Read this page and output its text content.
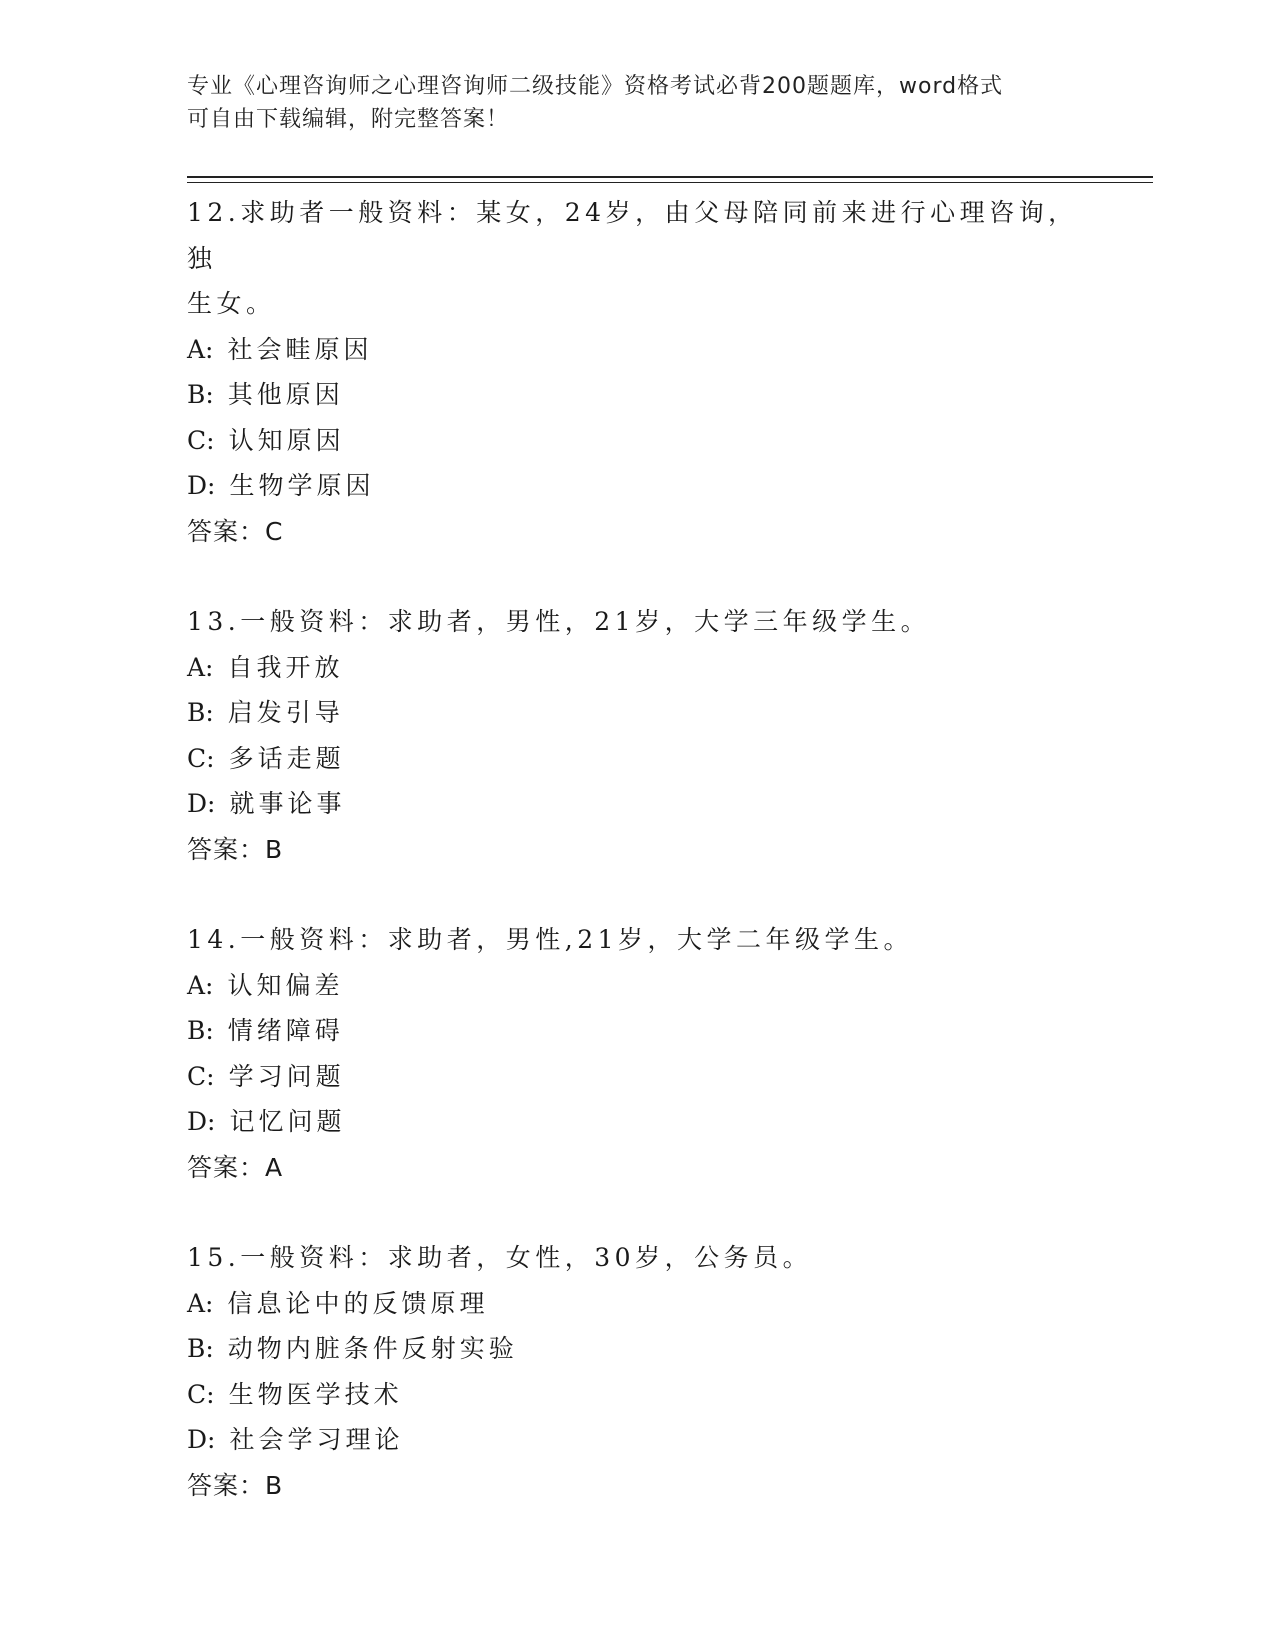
专业《心理咨询师之心理咨询师二级技能》资格考试必背200题题库，word格式
可自由下载编辑，附完整答案！

12.求助者一般资料：某女，24岁，由父母陪同前来进行心理咨询，独

生女。

A: 社会畦原因

B: 其他原因

C: 认知原因

D: 生物学原因

答案：C

13.一般资料：求助者，男性，21岁，大学三年级学生。

A: 自我开放

B: 启发引导

C: 多话走题

D: 就事论事

答案：B

14.一般资料：求助者，男性,21岁，大学二年级学生。

A: 认知偏差

B: 情绪障碍

C: 学习问题

D: 记忆问题

答案：A

15.一般资料：求助者，女性，30岁，公务员。

A: 信息论中的反馈原理

B: 动物内脏条件反射实验

C: 生物医学技术

D: 社会学习理论

答案：B
